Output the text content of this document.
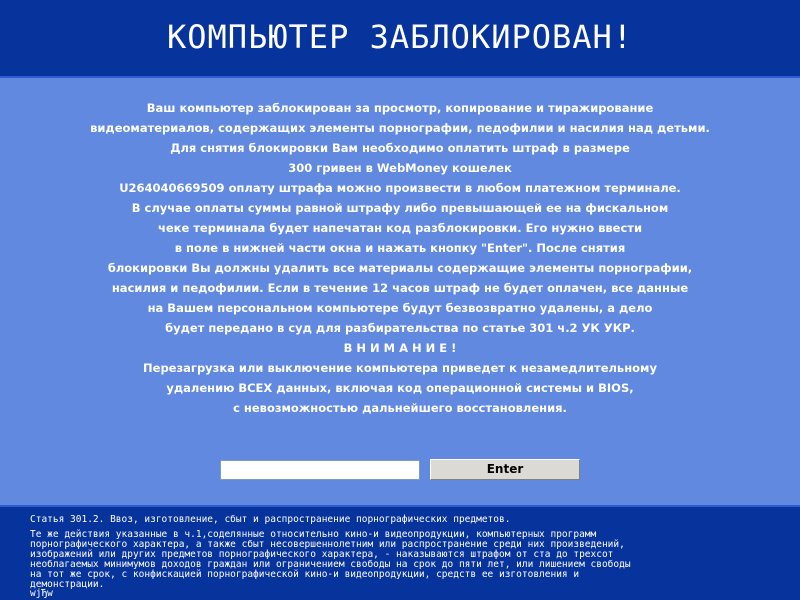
КОМПЬЮТЕР ЗАБЛОКИРОВАН!
Ваш компьютер заблокирован за просмотр, копирование и тиражирование
видеоматериалов, содержащих элементы порнографии, педофилии и насилия над детьми.
Для снятия блокировки Вам необходимо оплатить штраф в размере
300 гривен в WebMoney кошелек
U264040669509 оплату штрафа можно произвести в любом платежном терминале.
В случае оплаты суммы равной штрафу либо превышающей ее на фискальном
чеке терминала будет напечатан код разблокировки. Его нужно ввести
в поле в нижней части окна и нажать кнопку "Enter". После снятия
блокировки Вы должны удалить все материалы содержащие элементы порнографии,
насилия и педофилии. Если в течение 12 часов штраф не будет оплачен, все данные
на Вашем персональном компьютере будут безвозвратно удалены, а дело
будет передано в суд для разбирательства по статье 301 ч.2 УК УКР.
В Н И М А Н И Е !
Перезагрузка или выключение компьютера приведет к незамедлительному
удалению ВСЕХ данных, включая код операционной системы и BIOS,
с невозможностью дальнейшего восстановления.
Enter
Статья 301.2. Ввоз, изготовление, сбыт и распространение порнографических предметов.
Те же действия указанные в ч.1,соделянные относительно кино-и видеопродукции, компьютерных программ
порнографического характера, а также сбыт несовершеннолетним или распространение среди них произведений,
изображений или других предметов порнографического характера, - наказываются штрафом от ста до трехсот
необлагаемых минимумов доходов граждан или ограничением свободы на срок до пяти лет, или лишением свободы
на тот же срок, с конфискацией порнографической кино-и видеопродукции, средств ее изготовления и
демонстрации.
wjЂw
